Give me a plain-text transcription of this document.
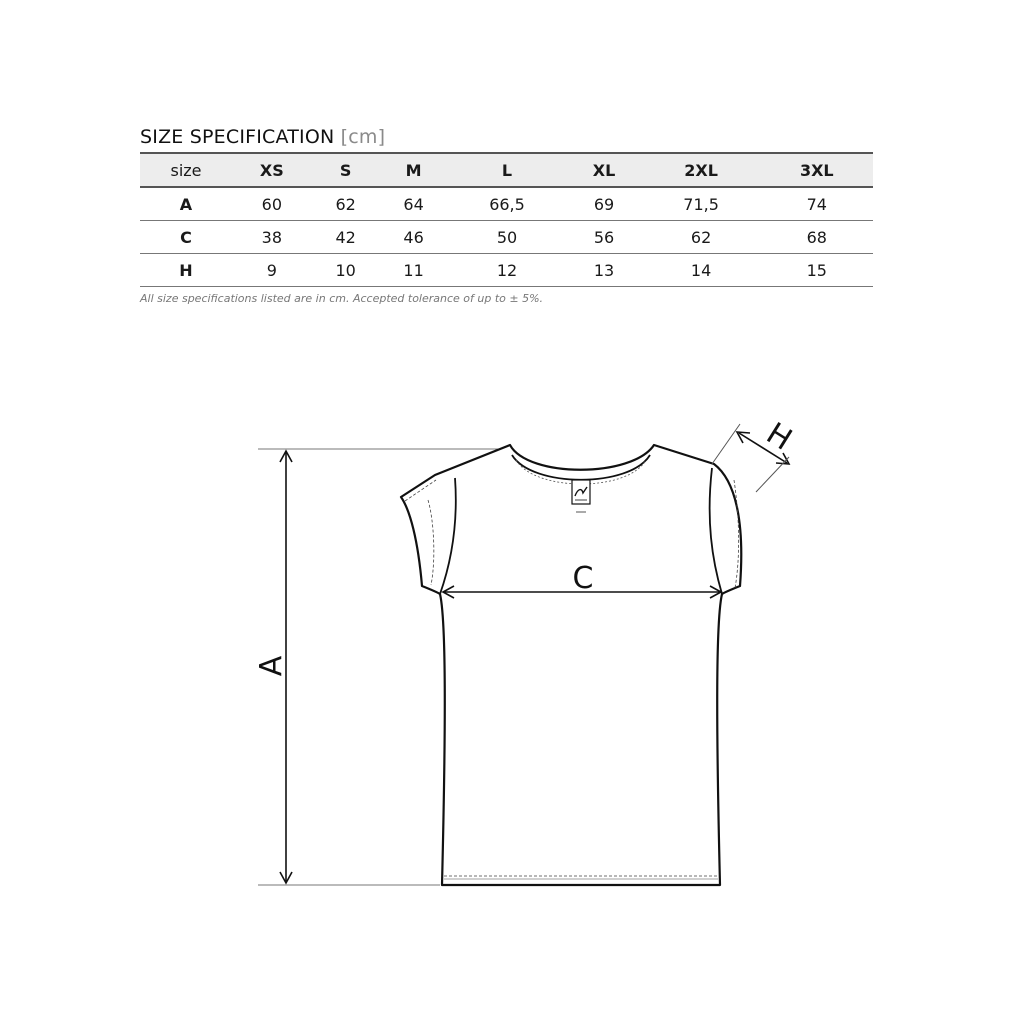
SIZE SPECIFICATION [cm]
size	XS	S	M	L	XL	2XL	3XL
A	60	62	64	66,5	69	71,5	74
C	38	42	46	50	56	62	68
H	9	10	11	12	13	14	15
All size specifications listed are in cm. Accepted tolerance of up to ± 5%.
A
C
H
